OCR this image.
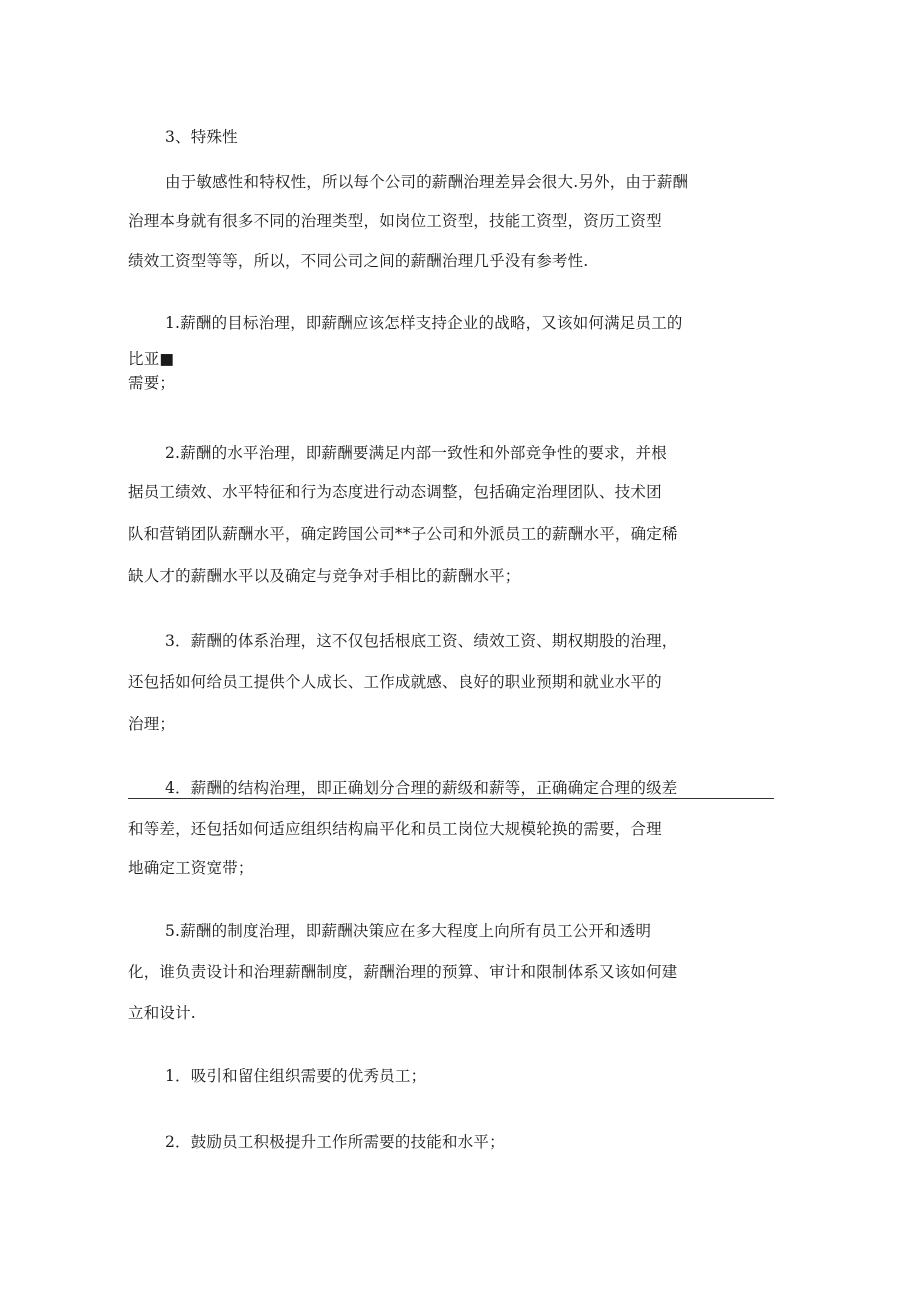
3、特殊性
由于敏感性和特权性，所以每个公司的薪酬治理差异会很大.另外，由于薪酬
治理本身就有很多不同的治理类型，如岗位工资型，技能工资型，资历工资型
绩效工资型等等，所以，不同公司之间的薪酬治理几乎没有参考性.
1.薪酬的目标治理，即薪酬应该怎样支持企业的战略，又该如何满足员工的
比亚■
需要；
2.薪酬的水平治理，即薪酬要满足内部一致性和外部竞争性的要求，并根
据员工绩效、水平特征和行为态度进行动态调整，包括确定治理团队、技术团
队和营销团队薪酬水平，确定跨国公司**子公司和外派员工的薪酬水平，确定稀
缺人才的薪酬水平以及确定与竞争对手相比的薪酬水平；
3．薪酬的体系治理，这不仅包括根底工资、绩效工资、期权期股的治理，
还包括如何给员工提供个人成长、工作成就感、良好的职业预期和就业水平的
治理；
4．薪酬的结构治理，即正确划分合理的薪级和薪等，正确确定合理的级差
和等差，还包括如何适应组织结构扁平化和员工岗位大规模轮换的需要，合理
地确定工资宽带；
5.薪酬的制度治理，即薪酬决策应在多大程度上向所有员工公开和透明
化，谁负责设计和治理薪酬制度，薪酬治理的预算、审计和限制体系又该如何建
立和设计.
1．吸引和留住组织需要的优秀员工；
2．鼓励员工积极提升工作所需要的技能和水平；
